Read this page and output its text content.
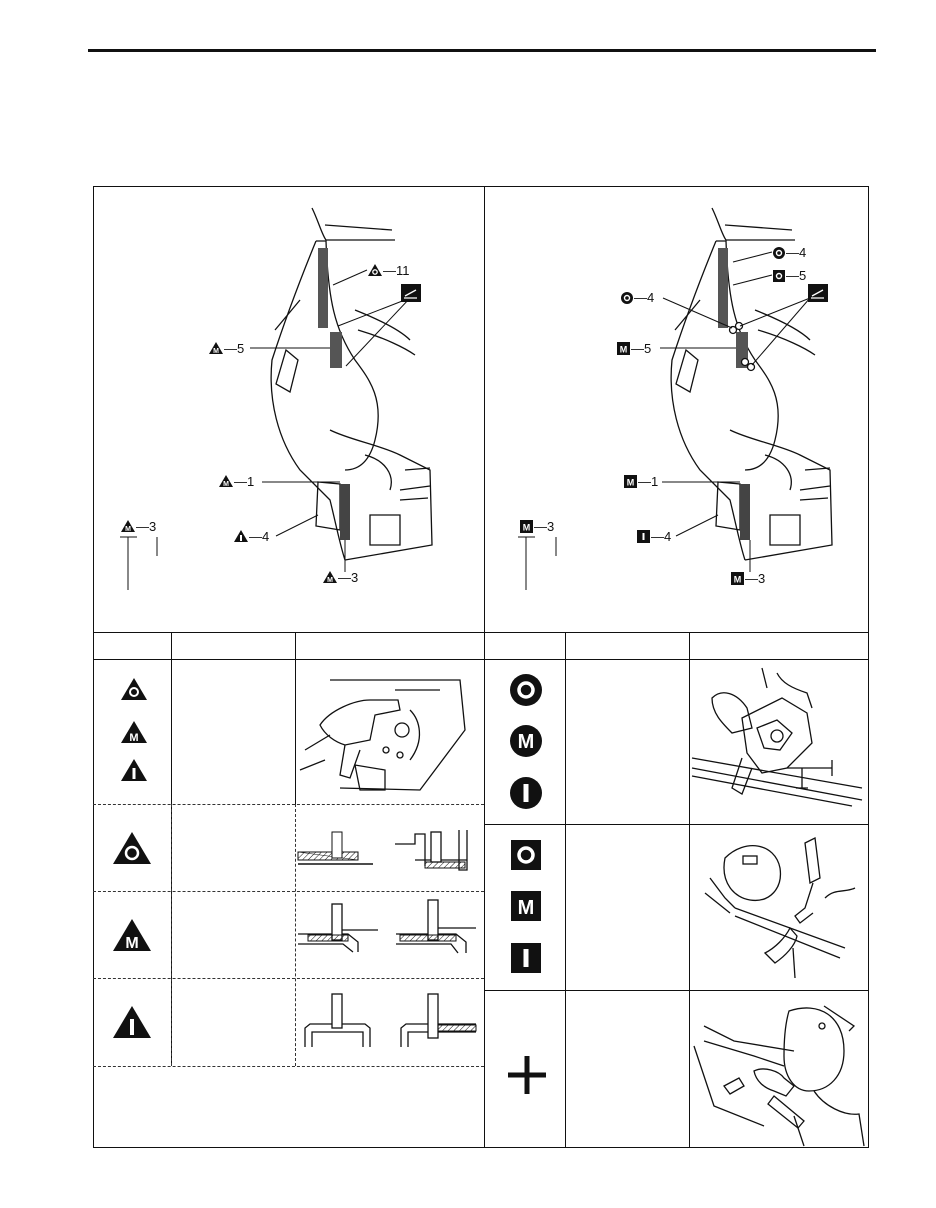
—11
M —5
M —1
—4
M —3
M —3
—4
—5
—4
M —5
M —1
—4
M —3
M —3
M
M
M
M
